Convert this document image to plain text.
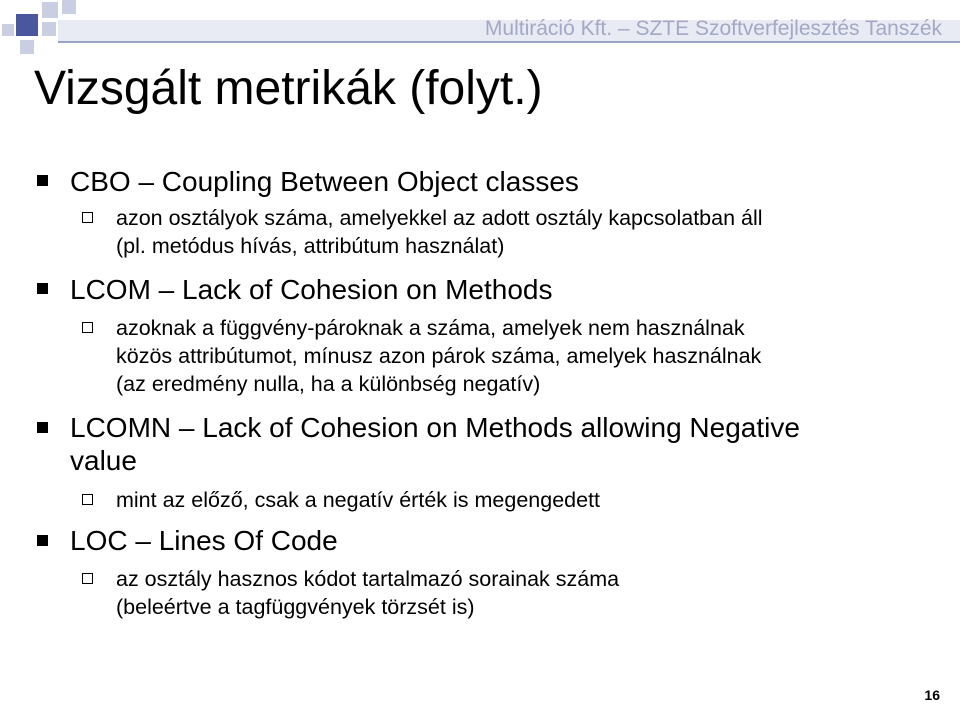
Multiráció Kft. – SZTE Szoftverfejlesztés Tanszék
Vizsgált metrikák (folyt.)
CBO – Coupling Between Object classes
azon osztályok száma, amelyekkel az adott osztály kapcsolatban áll
(pl. metódus hívás, attribútum használat)
LCOM – Lack of Cohesion on Methods
azoknak a függvény-pároknak a száma, amelyek nem használnak
közös attribútumot, mínusz azon párok száma, amelyek használnak
(az eredmény nulla, ha a különbség negatív)
LCOMN – Lack of Cohesion on Methods allowing Negative
value
mint az előző, csak a negatív érték is megengedett
LOC – Lines Of Code
az osztály hasznos kódot tartalmazó sorainak száma
(beleértve a tagfüggvények törzsét is)
16
